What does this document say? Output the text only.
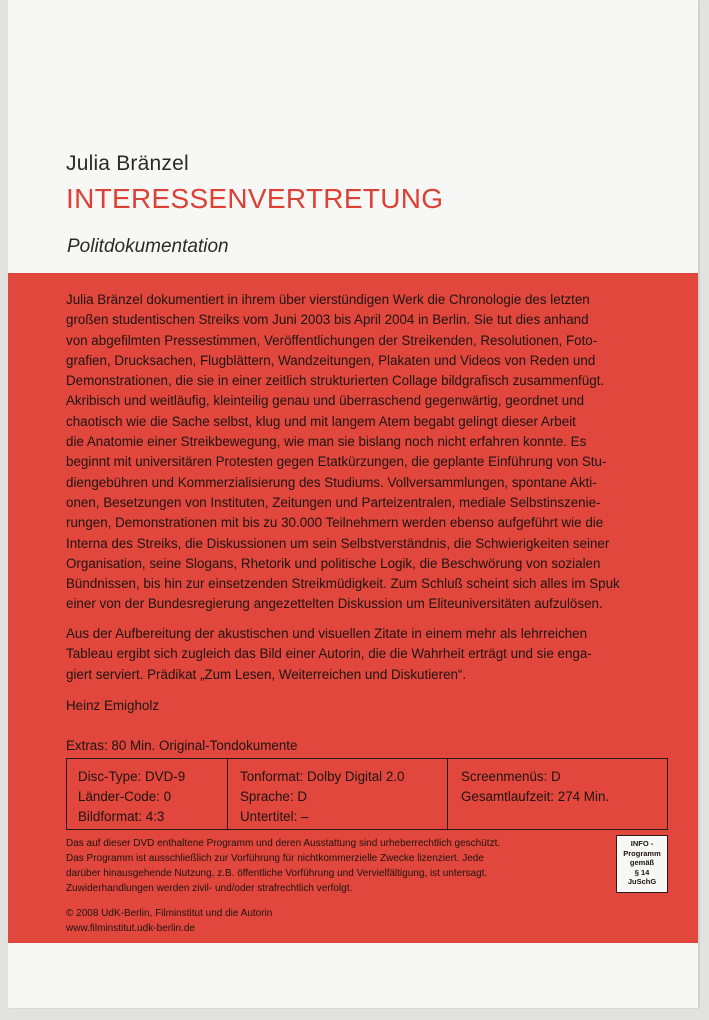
Julia Bränzel
INTERESSENVERTRETUNG
Politdokumentation
Julia Bränzel dokumentiert in ihrem über vierstündigen Werk die Chronologie des letzten
großen studentischen Streiks vom Juni 2003 bis April 2004 in Berlin. Sie tut dies anhand
von abgefilmten Pressestimmen, Veröffentlichungen der Streikenden, Resolutionen, Foto-
grafien, Drucksachen, Flugblättern, Wandzeitungen, Plakaten und Videos von Reden und
Demonstrationen, die sie in einer zeitlich strukturierten Collage bildgrafisch zusammenfügt.
Akribisch und weitläufig, kleinteilig genau und überraschend gegenwärtig, geordnet und
chaotisch wie die Sache selbst, klug und mit langem Atem begabt gelingt dieser Arbeit
die Anatomie einer Streikbewegung, wie man sie bislang noch nicht erfahren konnte. Es
beginnt mit universitären Protesten gegen Etatkürzungen, die geplante Einführung von Stu-
diengebühren und Kommerzialisierung des Studiums. Vollversammlungen, spontane Akti-
onen, Besetzungen von Instituten, Zeitungen und Parteizentralen, mediale Selbstinszenie-
rungen, Demonstrationen mit bis zu 30.000 Teilnehmern werden ebenso aufgeführt wie die
Interna des Streiks, die Diskussionen um sein Selbstverständnis, die Schwierigkeiten seiner
Organisation, seine Slogans, Rhetorik und politische Logik, die Beschwörung von sozialen
Bündnissen, bis hin zur einsetzenden Streikmüdigkeit. Zum Schluß scheint sich alles im Spuk
einer von der Bundesregierung angezettelten Diskussion um Eliteuniversitäten aufzulösen.
Aus der Aufbereitung der akustischen und visuellen Zitate in einem mehr als lehrreichen
Tableau ergibt sich zugleich das Bild einer Autorin, die die Wahrheit erträgt und sie enga-
giert serviert. Prädikat „Zum Lesen, Weiterreichen und Diskutieren“.
Heinz Emigholz
Extras: 80 Min. Original-Tondokumente
Disc-Type: DVD-9
Länder-Code: 0
Bildformat: 4:3
Tonformat: Dolby Digital 2.0
Sprache: D
Untertitel: –
Screenmenüs: D
Gesamtlaufzeit: 274 Min.
Das auf dieser DVD enthaltene Programm und deren Ausstattung sind urheberrechtlich geschützt.
Das Programm ist ausschließlich zur Vorführung für nichtkommerzielle Zwecke lizenziert. Jede
darüber hinausgehende Nutzung, z.B. öffentliche Vorführung und Vervielfältigung, ist untersagt.
Zuwiderhandlungen werden zivil- und/oder strafrechtlich verfolgt.
INFO -
Programm
gemäß
§ 14
JuSchG
© 2008 UdK-Berlin, Filminstitut und die Autorin
www.filminstitut.udk-berlin.de
